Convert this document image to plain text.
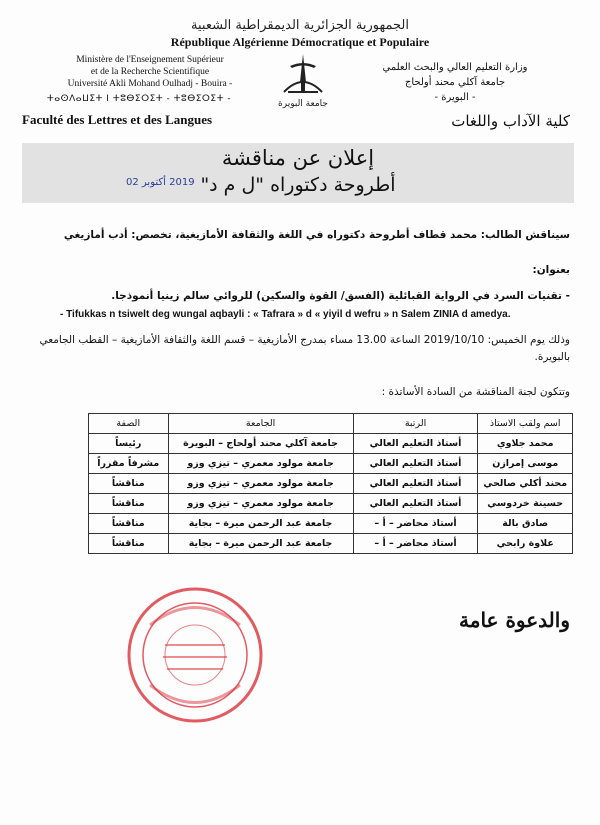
الجمهورية الجزائرية الديمقراطية الشعبية
République Algérienne Démocratique et Populaire
Ministère de l'Enseignement Supérieur
et de la Recherche Scientifique
Université Akli Mohand Oulhadj - Bouira -
ⵜⴰⵙⴷⴰⵡⵉⵜ ⵏ ⵜⵓⴱⵉⵔⵉⵜ - ⵜⵓⴱⵉⵔⵉⵜ -
Faculté des Lettres et des Langues
وزارة التعليم العالي والبحث العلمي
جامعة آكلي محند أولحاج
- البويرة -
كلية الآداب واللغات
جامعة البويرة
إعلان عن مناقشة
أطروحة دكتوراه "ل م د"
2019 أكتوبر 02
سيناقش الطالب: محمد قطاف أطروحة دكتوراه في اللغة والثقافة الأمازيغية، تخصص: أدب أمازيغي
بعنوان:
- تقنيات السرد في الرواية القبائلية (الفسق/ القوة والسكين) للروائي سالم زينيا أنموذجا.
- Tifukkas n tsiwelt deg wungal aqbayli : « Tafrara » d « yiyil d wefru » n Salem ZINIA d amedya.
وذلك يوم الخميس: 2019/10/10 الساعة 13.00 مساء بمدرج الأمازيغية – قسم اللغة والثقافة الأمازيغية – القطب الجامعي بالبويرة.
وتتكون لجنة المناقشة من السادة الأساتذة :
اسم ولقب الاستاذ	الرتبة	الجامعة	الصفة
محمد جلاوي	أستاذ التعليم العالي	جامعة آكلي محند أولحاج – البويرة	رئيساً
موسى إمرازن	أستاذ التعليم العالي	جامعة مولود معمري – تيزي وزو	مشرفاً مقرراً
محند أكلي صالحي	أستاذ التعليم العالي	جامعة مولود معمري – تيزي وزو	مناقشاً
حسينة خردوسي	أستاذ التعليم العالي	جامعة مولود معمري – تيزي وزو	مناقشاً
صادق بالة	أستاذ محاضر – أ –	جامعة عبد الرحمن ميرة – بجاية	مناقشاً
علاوة رابحي	أستاذ محاضر – أ –	جامعة عبد الرحمن ميرة – بجاية	مناقشاً
والدعوة عامة
